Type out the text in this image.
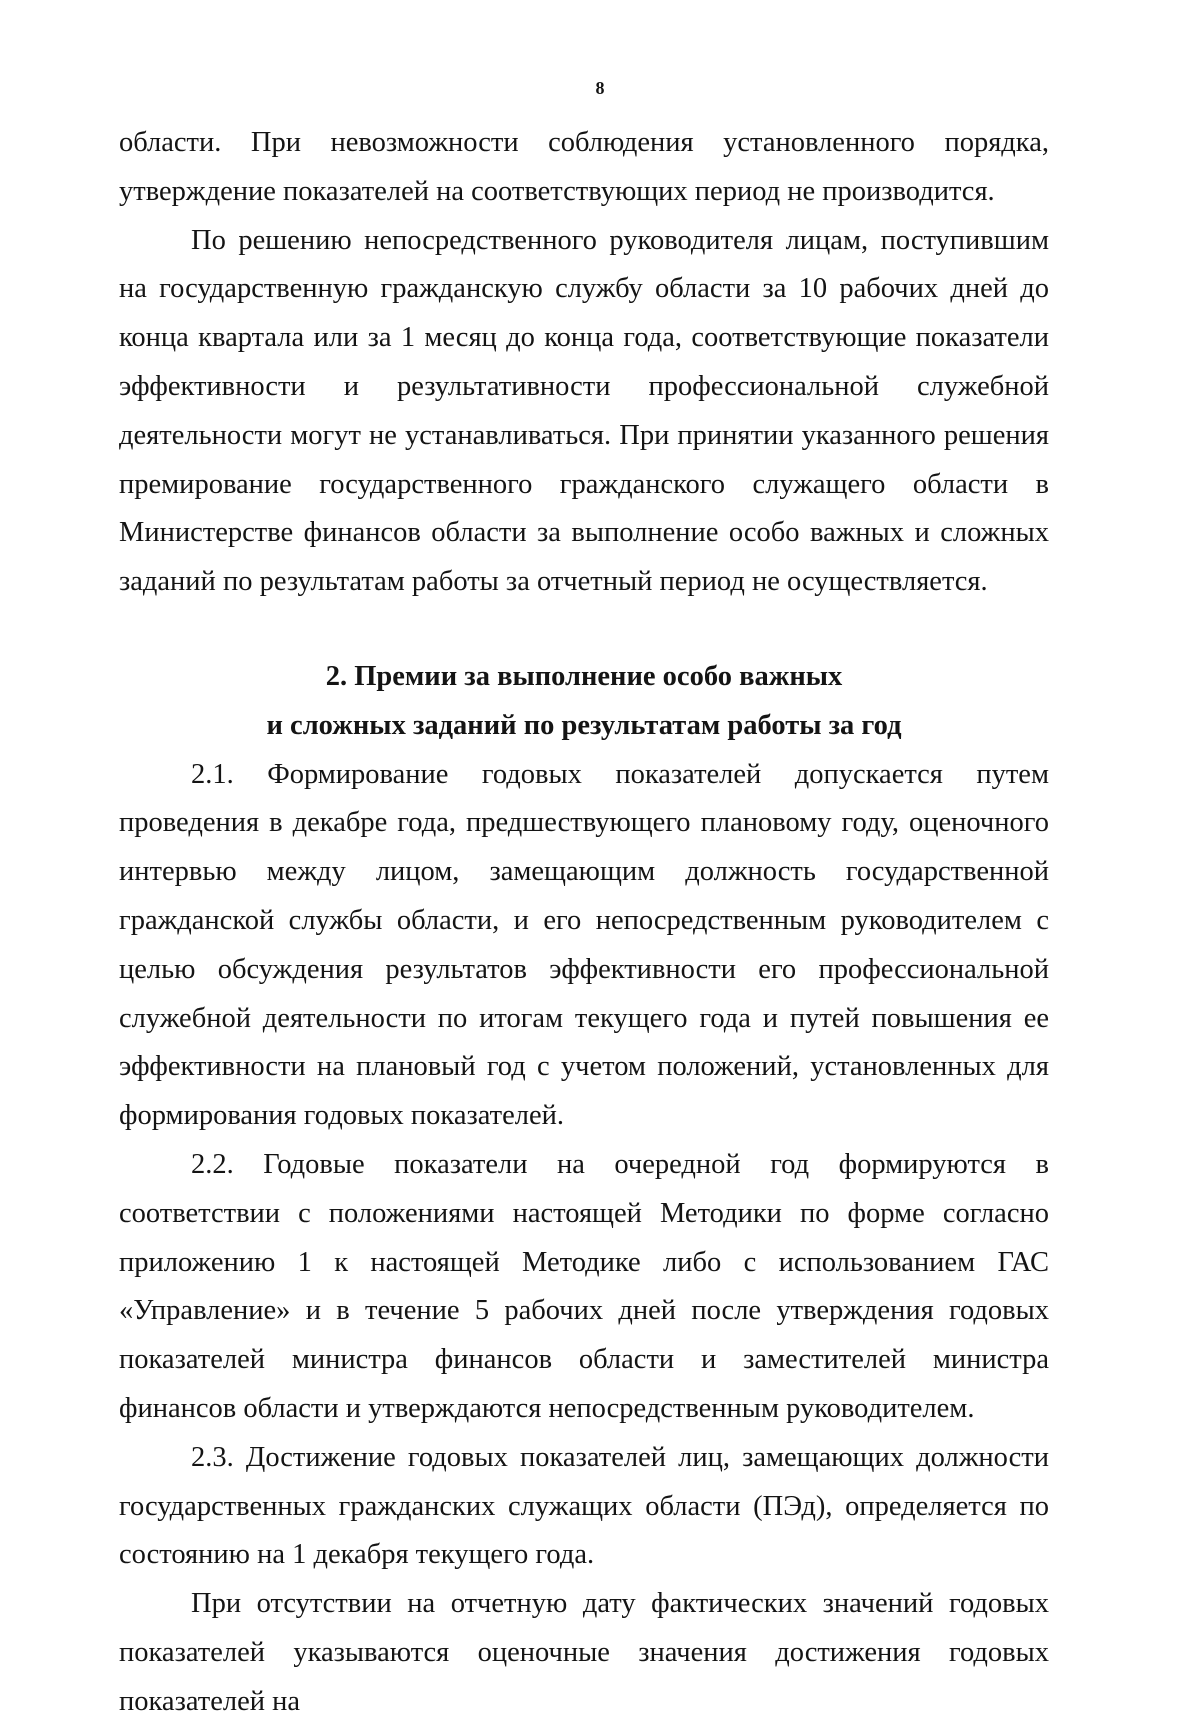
8

области. При невозможности соблюдения установленного порядка, утверждение показателей на соответствующих период не производится.

По решению непосредственного руководителя лицам, поступившим на государственную гражданскую службу области за 10 рабочих дней до конца квартала или за 1 месяц до конца года, соответствующие показатели эффективности и результативности профессиональной служебной деятельности могут не устанавливаться. При принятии указанного решения премирование государственного гражданского служащего области в Министерстве финансов области за выполнение особо важных и сложных заданий по результатам работы за отчетный период не осуществляется.

2. Премии за выполнение особо важных

и сложных заданий по результатам работы за год

2.1. Формирование годовых показателей допускается путем проведения в декабре года, предшествующего плановому году, оценочного интервью между лицом, замещающим должность государственной гражданской службы области, и его непосредственным руководителем с целью обсуждения результатов эффективности его профессиональной служебной деятельности по итогам текущего года и путей повышения ее эффективности на плановый год с учетом положений, установленных для формирования годовых показателей.

2.2. Годовые показатели на очередной год формируются в соответствии с положениями настоящей Методики по форме согласно приложению 1 к настоящей Методике либо с использованием ГАС «Управление» и в течение 5 рабочих дней после утверждения годовых показателей министра финансов области и заместителей министра финансов области и утверждаются непосредственным руководителем.

2.3. Достижение годовых показателей лиц, замещающих должности государственных гражданских служащих области (ПЭд), определяется по состоянию на 1 декабря текущего года.

При отсутствии на отчетную дату фактических значений годовых показателей указываются оценочные значения достижения годовых показателей на
